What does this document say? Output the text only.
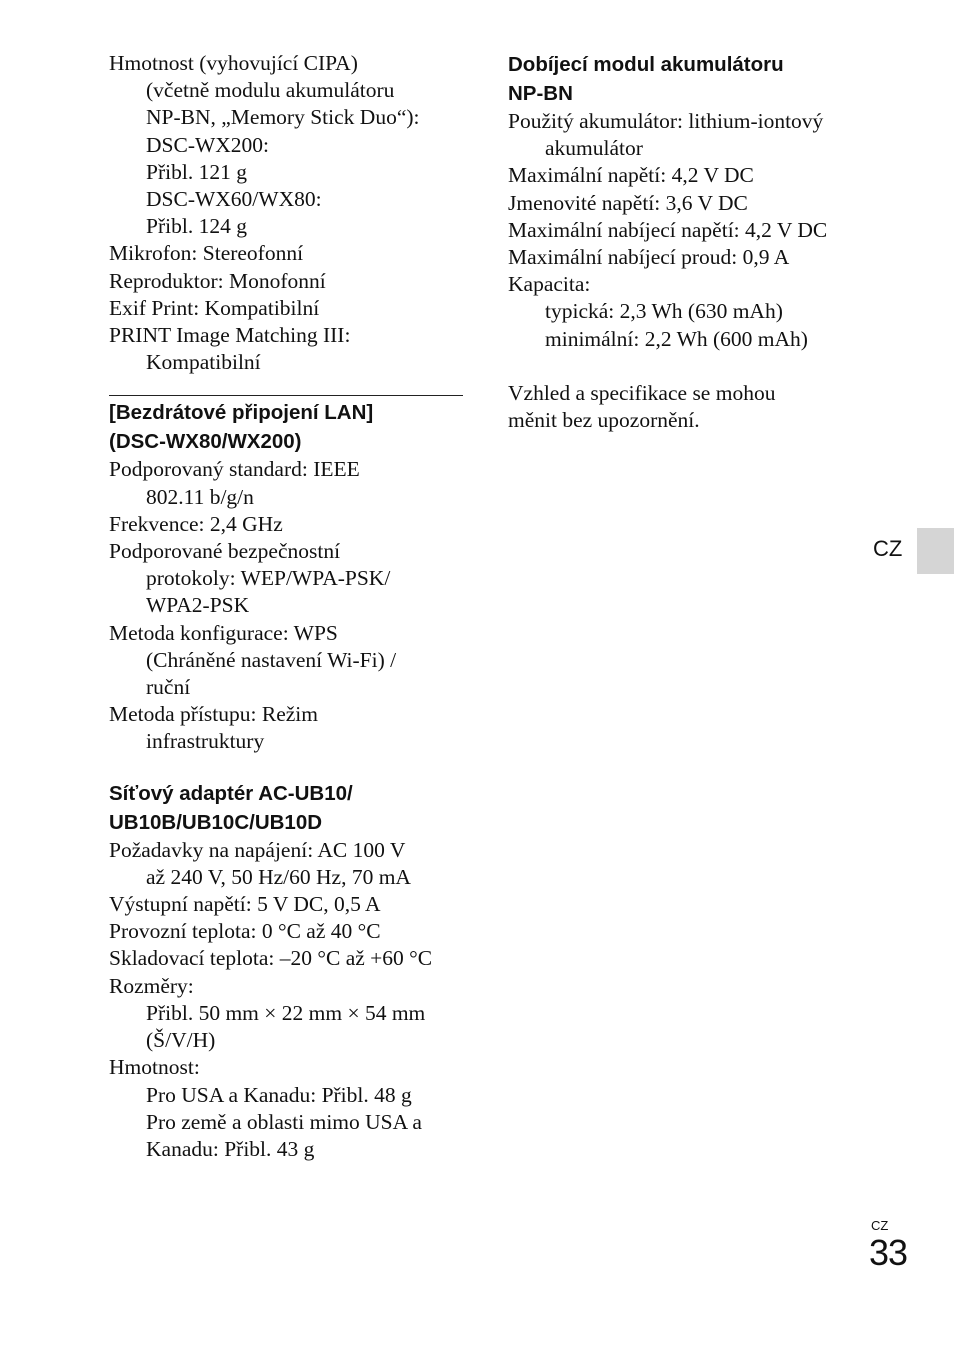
Hmotnost (vyhovující CIPA)
(včetně modulu akumulátoru
NP-BN, „Memory Stick Duo“):
DSC-WX200:
Přibl. 121 g
DSC-WX60/WX80:
Přibl. 124 g
Mikrofon: Stereofonní
Reproduktor: Monofonní
Exif Print: Kompatibilní
PRINT Image Matching III:
Kompatibilní
[Bezdrátové připojení LAN]
(DSC-WX80/WX200)
Podporovaný standard: IEEE
802.11 b/g/n
Frekvence: 2,4 GHz
Podporované bezpečnostní
protokoly: WEP/WPA-PSK/
WPA2-PSK
Metoda konfigurace: WPS
(Chráněné nastavení Wi-Fi) /
ruční
Metoda přístupu: Režim
infrastruktury
Síťový adaptér AC-UB10/
UB10B/UB10C/UB10D
Požadavky na napájení: AC 100 V
až 240 V, 50 Hz/60 Hz, 70 mA
Výstupní napětí: 5 V DC, 0,5 A
Provozní teplota: 0 °C až 40 °C
Skladovací teplota: –20 °C až +60 °C
Rozměry:
Přibl. 50 mm × 22 mm × 54 mm
(Š/V/H)
Hmotnost:
Pro USA a Kanadu: Přibl. 48 g
Pro země a oblasti mimo USA a
Kanadu: Přibl. 43 g
Dobíjecí modul akumulátoru
NP-BN
Použitý akumulátor: lithium-iontový
akumulátor
Maximální napětí: 4,2 V DC
Jmenovité napětí: 3,6 V DC
Maximální nabíjecí napětí: 4,2 V DC
Maximální nabíjecí proud: 0,9 A
Kapacita:
typická: 2,3 Wh (630 mAh)
minimální: 2,2 Wh (600 mAh)
Vzhled a specifikace se mohou
měnit bez upozornění.
CZ
CZ
33
